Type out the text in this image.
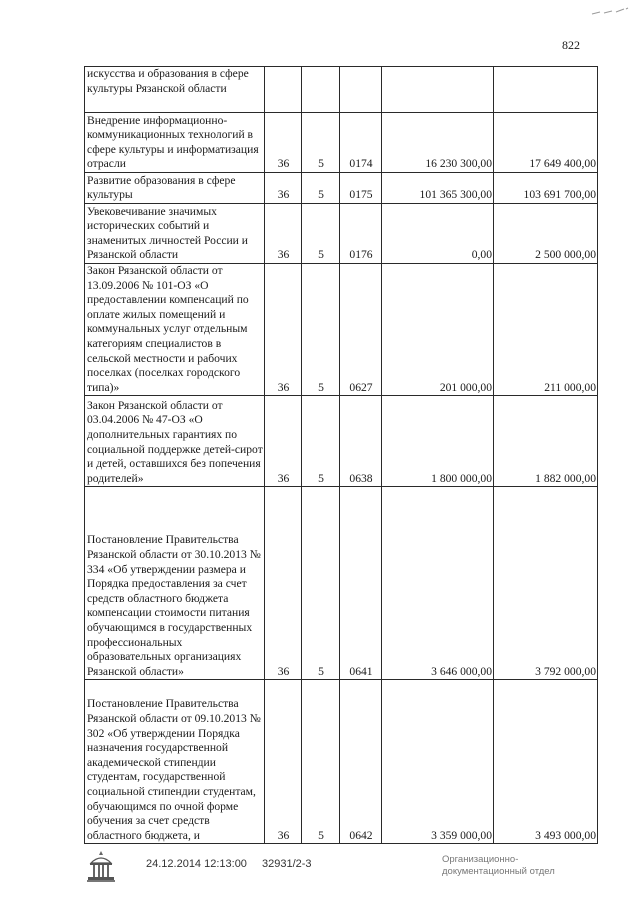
822
искусства и образования в сфере культуры Рязанской области					
Внедрение информационно-коммуникационных технологий в сфере культуры и информатизация отрасли	36	5	0174	16 230 300,00	17 649 400,00
Развитие образования в сфере культуры	36	5	0175	101 365 300,00	103 691 700,00
Увековечивание значимых исторических событий и знаменитых личностей России и Рязанской области	36	5	0176	0,00	2 500 000,00
Закон Рязанской области от 13.09.2006 № 101-ОЗ «О предоставлении компенсаций по оплате жилых помещений и коммунальных услуг отдельным категориям специалистов в сельской местности и рабочих поселках (поселках городского типа)»	36	5	0627	201 000,00	211 000,00
Закон Рязанской области от 03.04.2006 № 47-ОЗ «О дополнительных гарантиях по социальной поддержке детей-сирот и детей, оставшихся без попечения родителей»	36	5	0638	1 800 000,00	1 882 000,00
Постановление Правительства Рязанской области от 30.10.2013 № 334 «Об утверждении размера и Порядка предоставления за счет средств областного бюджета компенсации стоимости питания обучающимся в государственных профессиональных образовательных организациях Рязанской области»	36	5	0641	3 646 000,00	3 792 000,00
Постановление Правительства Рязанской области от 09.10.2013 № 302 «Об утверждении Порядка назначения государственной академической стипендии студентам, государственной социальной стипендии студентам, обучающимся по очной форме обучения за счет средств областного бюджета, и	36	5	0642	3 359 000,00	3 493 000,00
24.12.2014 12:13:00 32931/2-3	Организационно-
документационный отдел
